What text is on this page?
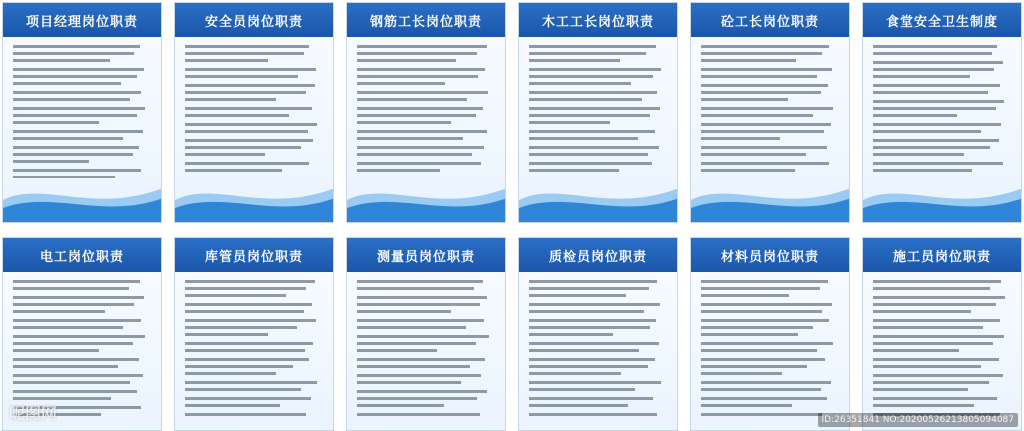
项目经理岗位职责	安全员岗位职责	钢筋工长岗位职责	木工工长岗位职责	砼工长岗位职责	食堂安全卫生制度
电工岗位职责
昵图网
库管员岗位职责	测量员岗位职责	质检员岗位职责	材料员岗位职责	施工员岗位职责
ID:26351841 NO:20200526213805094087
